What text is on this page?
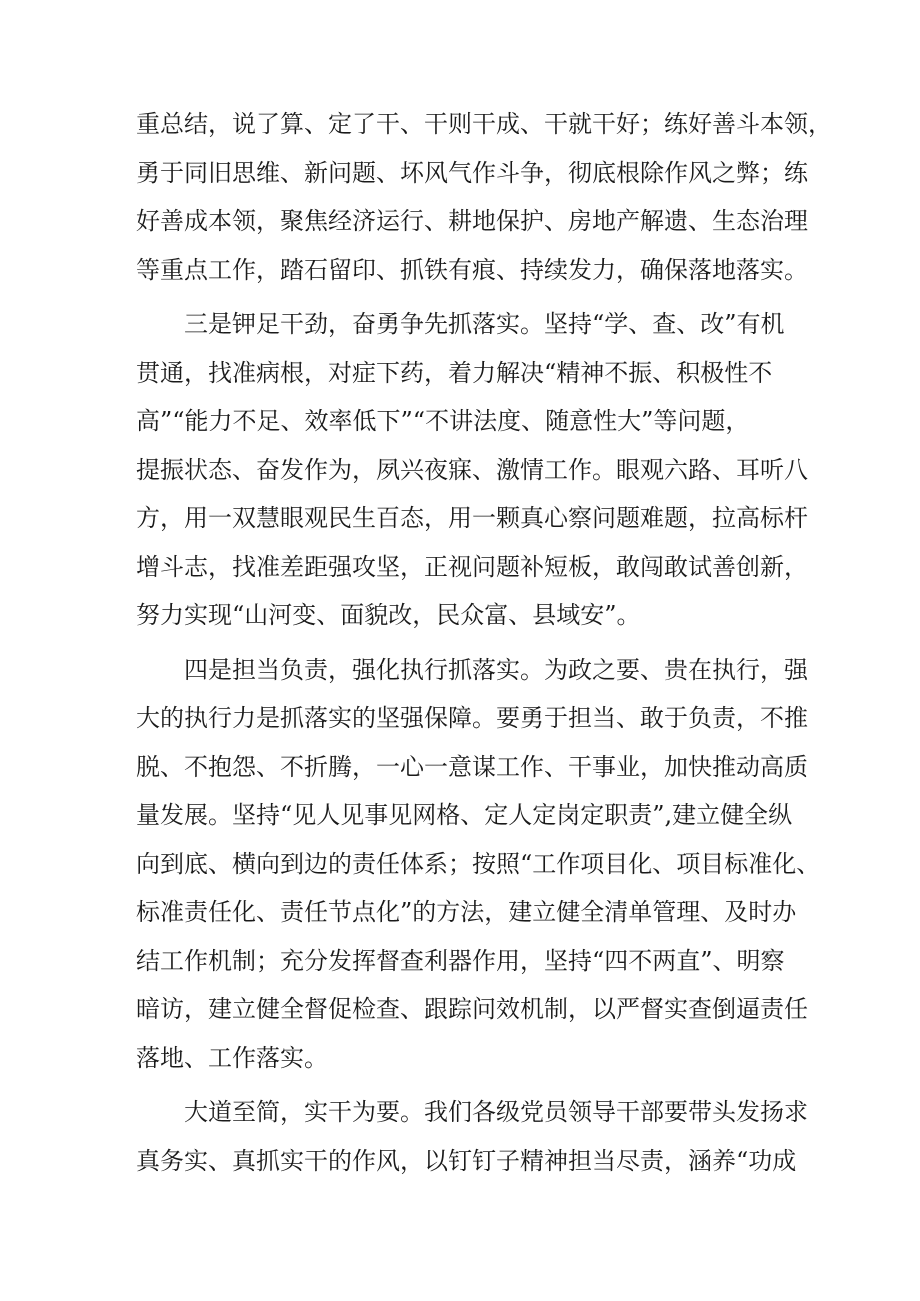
重总结，说了算、定了干、干则干成、干就干好；练好善斗本领，
勇于同旧思维、新问题、坏风气作斗争，彻底根除作风之弊；练
好善成本领，聚焦经济运行、耕地保护、房地产解遗、生态治理
等重点工作，踏石留印、抓铁有痕、持续发力，确保落地落实。
三是钾足干劲，奋勇争先抓落实。坚持“学、查、改”有机
贯通，找准病根，对症下药，着力解决“精神不振、积极性不
高”“能力不足、效率低下”“不讲法度、随意性大”等问题，
提振状态、奋发作为，夙兴夜寐、激情工作。眼观六路、耳听八
方，用一双慧眼观民生百态，用一颗真心察问题难题，拉高标杆
增斗志，找准差距强攻坚，正视问题补短板，敢闯敢试善创新，
努力实现“山河变、面貌改，民众富、县域安”。
四是担当负责，强化执行抓落实。为政之要、贵在执行，强
大的执行力是抓落实的坚强保障。要勇于担当、敢于负责，不推
脱、不抱怨、不折腾，一心一意谋工作、干事业，加快推动高质
量发展。坚持“见人见事见网格、定人定岗定职责”,建立健全纵
向到底、横向到边的责任体系；按照“工作项目化、项目标准化、
标准责任化、责任节点化”的方法，建立健全清单管理、及时办
结工作机制；充分发挥督查利器作用，坚持“四不两直”、明察
暗访，建立健全督促检查、跟踪问效机制，以严督实查倒逼责任
落地、工作落实。
大道至简，实干为要。我们各级党员领导干部要带头发扬求
真务实、真抓实干的作风，以钉钉子精神担当尽责，涵养“功成
